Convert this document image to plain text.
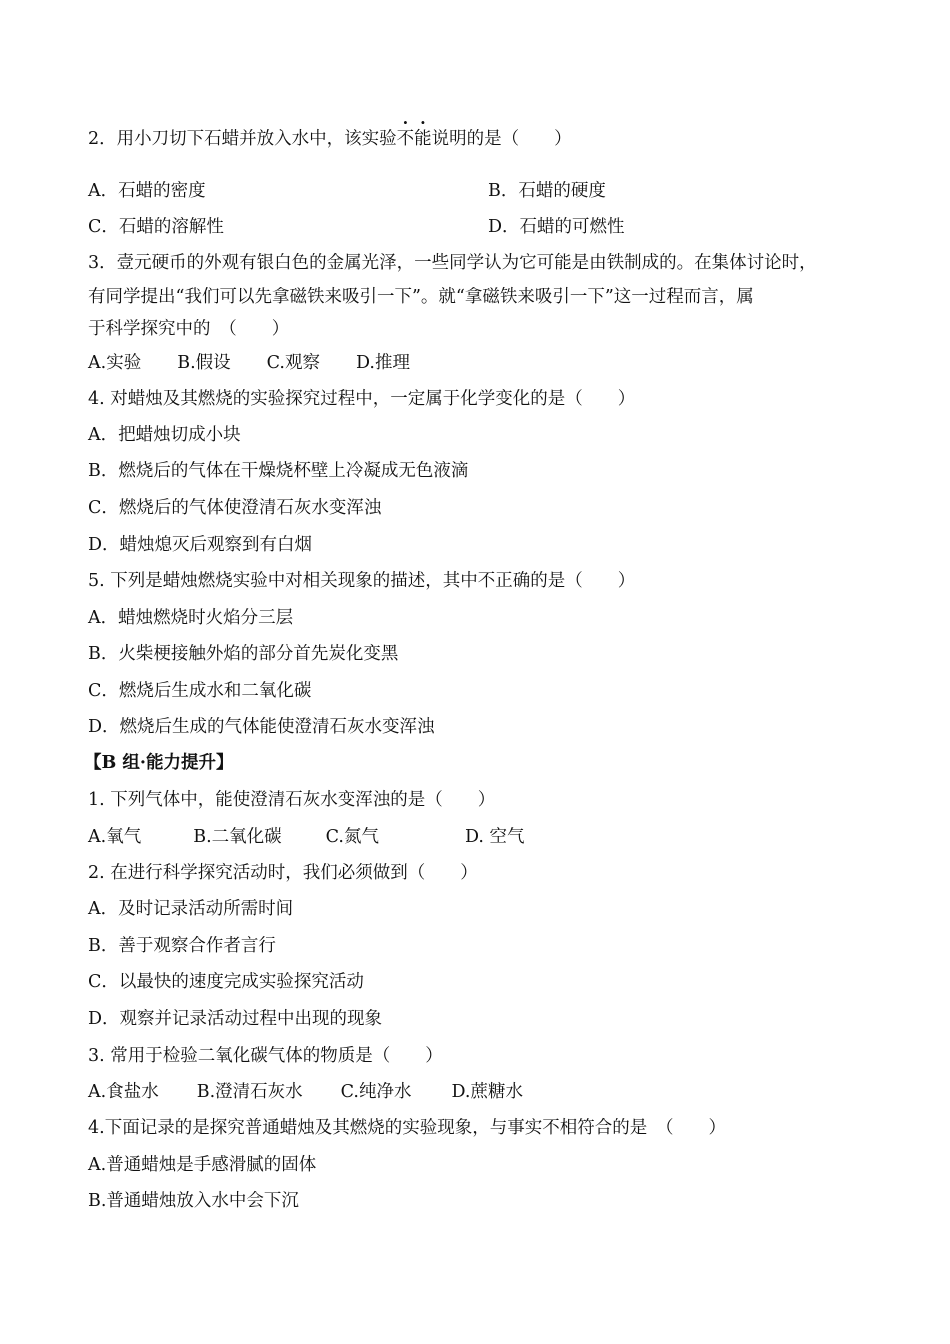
2．用小刀切下石蜡并放入水中，该实验不能说明的是（　　）
A．石蜡的密度	B．石蜡的硬度
C．石蜡的溶解性	D．石蜡的可燃性
3．壹元硬币的外观有银白色的金属光泽，一些同学认为它可能是由铁制成的。在集体讨论时，
有同学提出“我们可以先拿磁铁来吸引一下”。就“拿磁铁来吸引一下”这一过程而言，属
于科学探究中的　（　　）
A.实验 B.假设 C.观察 D.推理
4. 对蜡烛及其燃烧的实验探究过程中，一定属于化学变化的是（　　）
A．把蜡烛切成小块
B．燃烧后的气体在干燥烧杯壁上冷凝成无色液滴
C．燃烧后的气体使澄清石灰水变浑浊
D．蜡烛熄灭后观察到有白烟
5. 下列是蜡烛燃烧实验中对相关现象的描述，其中不正确的是（　　）
A．蜡烛燃烧时火焰分三层
B．火柴梗接触外焰的部分首先炭化变黑
C．燃烧后生成水和二氧化碳
D．燃烧后生成的气体能使澄清石灰水变浑浊
【B 组·能力提升】
1. 下列气体中，能使澄清石灰水变浑浊的是（　　）
A.氧气	B.二氧化碳	C.氮气	D. 空气
2. 在进行科学探究活动时，我们必须做到（　　）
A．及时记录活动所需时间
B．善于观察合作者言行
C．以最快的速度完成实验探究活动
D．观察并记录活动过程中出现的现象
3. 常用于检验二氧化碳气体的物质是（　　）
A.食盐水 B.澄清石灰水 C.纯净水 D.蔗糖水
4.下面记录的是探究普通蜡烛及其燃烧的实验现象，与事实不相符合的是　（　　）
A.普通蜡烛是手感滑腻的固体
B.普通蜡烛放入水中会下沉
